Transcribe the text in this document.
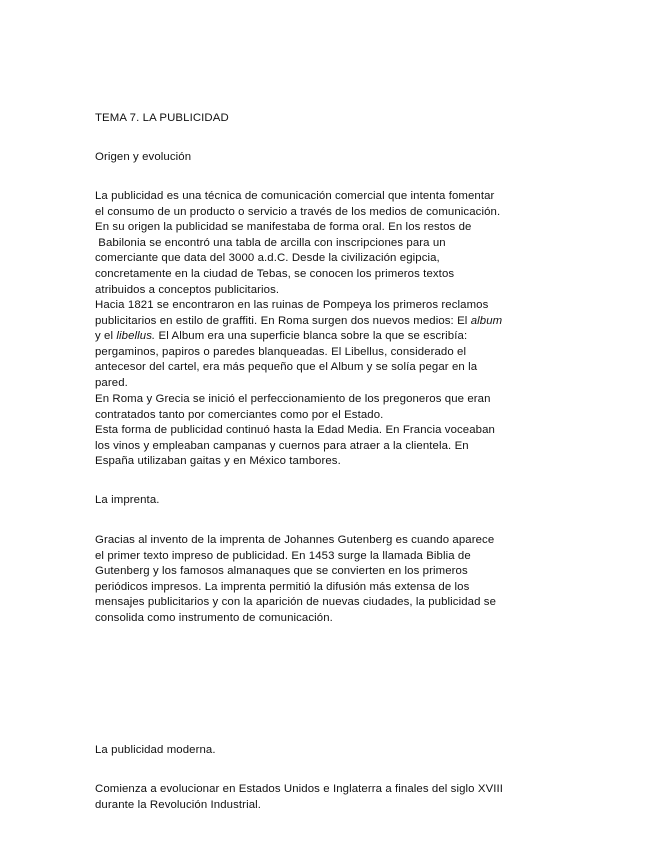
TEMA 7. LA PUBLICIDAD
Origen y evolución
La publicidad es una técnica de comunicación comercial que intenta fomentar
el consumo de un producto o servicio a través de los medios de comunicación.
En su origen la publicidad se manifestaba de forma oral. En los restos de
Babilonia se encontró una tabla de arcilla con inscripciones para un
comerciante que data del 3000 a.d.C. Desde la civilización egipcia,
concretamente en la ciudad de Tebas, se conocen los primeros textos
atribuidos a conceptos publicitarios.
Hacia 1821 se encontraron en las ruinas de Pompeya los primeros reclamos
publicitarios en estilo de graffiti. En Roma surgen dos nuevos medios: El album
y el libellus. El Album era una superficie blanca sobre la que se escribía:
pergaminos, papiros o paredes blanqueadas. El Libellus, considerado el
antecesor del cartel, era más pequeño que el Album y se solía pegar en la
pared.
En Roma y Grecia se inició el perfeccionamiento de los pregoneros que eran
contratados tanto por comerciantes como por el Estado.
Esta forma de publicidad continuó hasta la Edad Media. En Francia voceaban
los vinos y empleaban campanas y cuernos para atraer a la clientela. En
España utilizaban gaitas y en México tambores.
La imprenta.
Gracias al invento de la imprenta de Johannes Gutenberg es cuando aparece
el primer texto impreso de publicidad. En 1453 surge la llamada Biblia de
Gutenberg y los famosos almanaques que se convierten en los primeros
periódicos impresos. La imprenta permitió la difusión más extensa de los
mensajes publicitarios y con la aparición de nuevas ciudades, la publicidad se
consolida como instrumento de comunicación.
La publicidad moderna.
Comienza a evolucionar en Estados Unidos e Inglaterra a finales del siglo XVIII
durante la Revolución Industrial.
